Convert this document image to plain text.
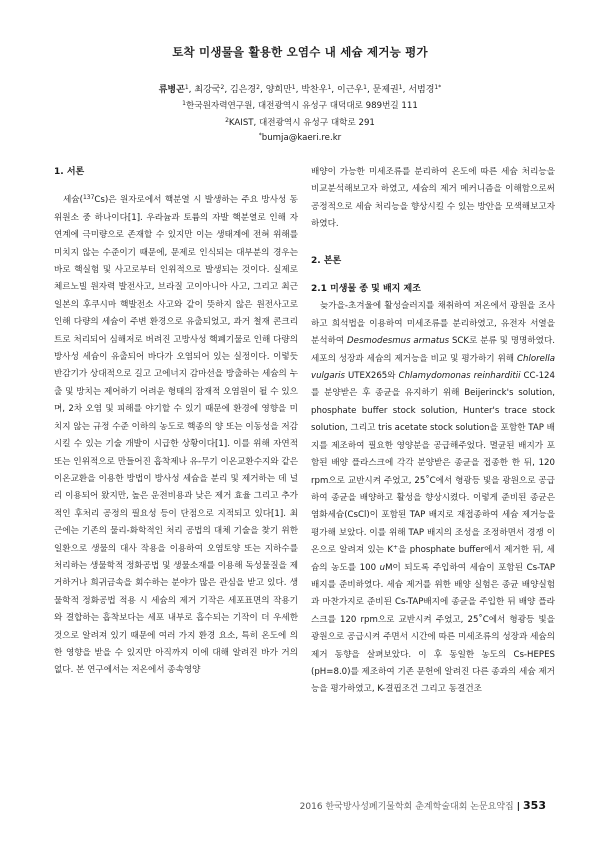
토착 미생물을 활용한 오염수 내 세슘 제거능 평가
류병곤$^1$, 최강국$^2$, 김은경$^2$, 양희만$^1$, 박찬우$^1$, 이근우$^1$, 문제권$^1$, 서범경$^{1*}$
$^1$한국원자력연구원, 대전광역시 유성구 대덕대로 989번길 111
$^2$KAIST, 대전광역시 유성구 대학로 291
*bumja@kaeri.re.kr

1. 서론

세슘($^{137}$Cs)은 원자로에서 핵분열 시 발생하는 주요 방사성 동위원소 중 하나이다[1]. 우라늄과 토륨의 자발 핵분열로 인해 자연계에 극미량으로 존재할 수 있지만 이는 생태계에 전혀 위해를 미치지 않는 수준이기 때문에, 문제로 인식되는 대부분의 경우는 바로 핵실험 및 사고로부터 인위적으로 발생되는 것이다. 실제로 체르노빌 원자력 발전사고, 브라질 고이아니아 사고, 그리고 최근 일본의 후쿠시마 핵발전소 사고와 같이 뜻하지 않은 원전사고로 인해 다량의 세슘이 주변 환경으로 유출되었고, 과거 철재 콘크리트로 처리되어 심해저로 버려진 고방사성 핵폐기물로 인해 다량의 방사성 세슘이 유출되어 바다가 오염되어 있는 실정이다. 이렇듯 반감기가 상대적으로 길고 고에너지 감마선을 방출하는 세슘의 누출 및 방치는 제어하기 어려운 형태의 잠재적 오염원이 될 수 있으며, 2차 오염 및 피해를 야기할 수 있기 때문에 환경에 영향을 미치지 않는 규정 수준 이하의 농도로 핵종의 양 또는 이동성을 저감시킬 수 있는 기술 개발이 시급한 상황이다[1]. 이를 위해 자연적 또는 인위적으로 만들어진 흡착제나 유-무기 이온교환수지와 같은 이온교환을 이용한 방법이 방사성 세슘을 분리 및 제거하는 데 널리 이용되어 왔지만, 높은 운전비용과 낮은 제거 효율 그리고 추가적인 후처리 공정의 필요성 등이 단점으로 지적되고 있다[1]. 최근에는 기존의 물리-화학적인 처리 공법의 대체 기술을 찾기 위한 일환으로 생물의 대사 작용을 이용하여 오염토양 또는 지하수를 처리하는 생물학적 정화공법 및 생물소재를 이용해 독성물질을 제거하거나 희귀금속을 회수하는 분야가 많은 관심을 받고 있다. 생물학적 정화공법 적용 시 세슘의 제거 기작은 세포표면의 작용기와 결합하는 흡착보다는 세포 내부로 흡수되는 기작이 더 우세한 것으로 알려져 있기 때문에 여러 가지 환경 요소, 특히 온도에 의한 영향을 받을 수 있지만 아직까지 이에 대해 알려진 바가 거의 없다. 본 연구에서는 저온에서 종속영양

배양이 가능한 미세조류를 분리하여 온도에 따른 세슘 처리능을 비교분석해보고자 하였고, 세슘의 제거 메커니즘을 이해함으로써 공정적으로 세슘 처리능을 향상시킬 수 있는 방안을 모색해보고자 하였다.

2. 본론

2.1 미생물 종 및 배지 제조

늦가을-초겨울에 활성슬러지를 채취하여 저온에서 광원을 조사하고 희석법을 이용하여 미세조류를 분리하였고, 유전자 서열을 분석하여 Desmodesmus armatus SCK로 분류 및 명명하였다. 세포의 성장과 세슘의 제거능을 비교 및 평가하기 위해 Chlorella vulgaris UTEX265와 Chlamydomonas reinharditii CC-124를 분양받은 후 종균을 유지하기 위해 Beijerinck's solution, phosphate buffer stock solution, Hunter's trace stock solution, 그리고 tris acetate stock solution을 포함한 TAP 배지를 제조하여 필요한 영양분을 공급해주었다. 멸균된 배지가 포함된 배양 플라스크에 각각 분양받은 종균을 접종한 한 뒤, 120 rpm으로 교반시켜 주었고, 25˚C에서 형광등 빛을 광원으로 공급하여 종균을 배양하고 활성을 향상시켰다. 이렇게 준비된 종균은 염화세슘(CsCl)이 포함된 TAP 배지로 재접종하여 세슘 제거능을 평가해 보았다. 이를 위해 TAP 배지의 조성을 조정하면서 경쟁 이온으로 알려져 있는 K+을 phosphate buffer에서 제거한 뒤, 세슘의 농도를 100 uM이 되도록 주입하여 세슘이 포함된 Cs-TAP배지를 준비하였다. 세슘 제거를 위한 배양 실험은 종균 배양실험과 마찬가지로 준비된 Cs-TAP배지에 종균을 주입한 뒤 배양 플라스크를 120 rpm으로 교반시켜 주었고, 25˚C에서 형광등 빛을 광원으로 공급시켜 주면서 시간에 따른 미세조류의 성장과 세슘의 제거 동향을 살펴보았다. 이 후 동일한 농도의 Cs-HEPES (pH=8.0)를 제조하여 기존 문헌에 알려진 다른 종과의 세슘 제거능을 평가하였고, K-결핍조건 그리고 동결건조

2016 한국방사성폐기물학회 춘계학술대회 논문요약집 | 353
